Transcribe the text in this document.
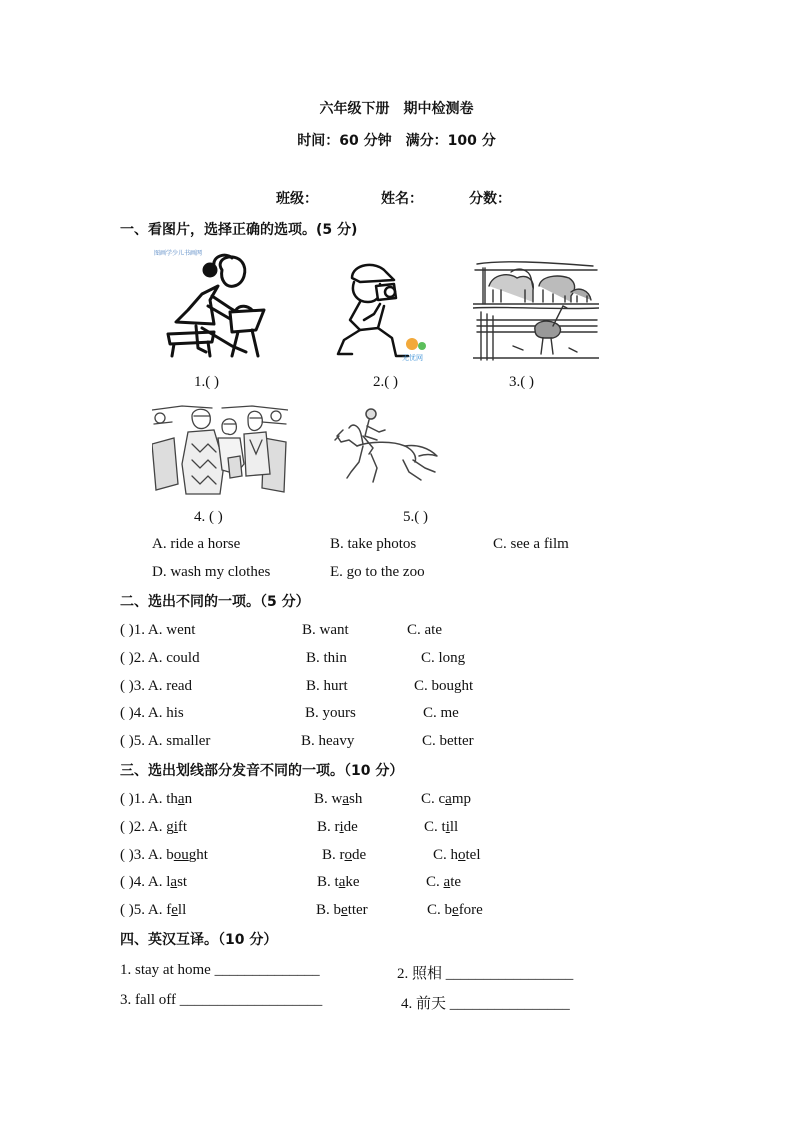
六年级下册　期中检测卷
时间：60 分钟　满分：100 分
班级：	姓名：	分数：
一、看图片，选择正确的选项。(5 分)
图画学少儿书画网
无忧网
1.( )	2.( )	3.( )
4. ( )	5.( )
A. ride a horse	B. take photos	C. see a film
D. wash my clothes	E. go to the zoo
二、选出不同的一项。（5 分）
( )1. A. went	B. want	C. ate
( )2. A. could	B. thin	C. long
( )3. A. read	B. hurt	C. bought
( )4. A. his	B. yours	C. me
( )5. A. smaller	B. heavy	C. better
三、选出划线部分发音不同的一项。（10 分）
( )1. A. than	B. wash	C. camp
( )2. A. gift	B. ride	C. till
( )3. A. bought	B. rode	C. hotel
( )4. A. last	B. take	C. ate
( )5. A. fell	B. better	C. before
四、英汉互译。（10 分）
1. stay at home ______________	2. 照相 _________________
3. fall off ___________________	4. 前天 ________________
